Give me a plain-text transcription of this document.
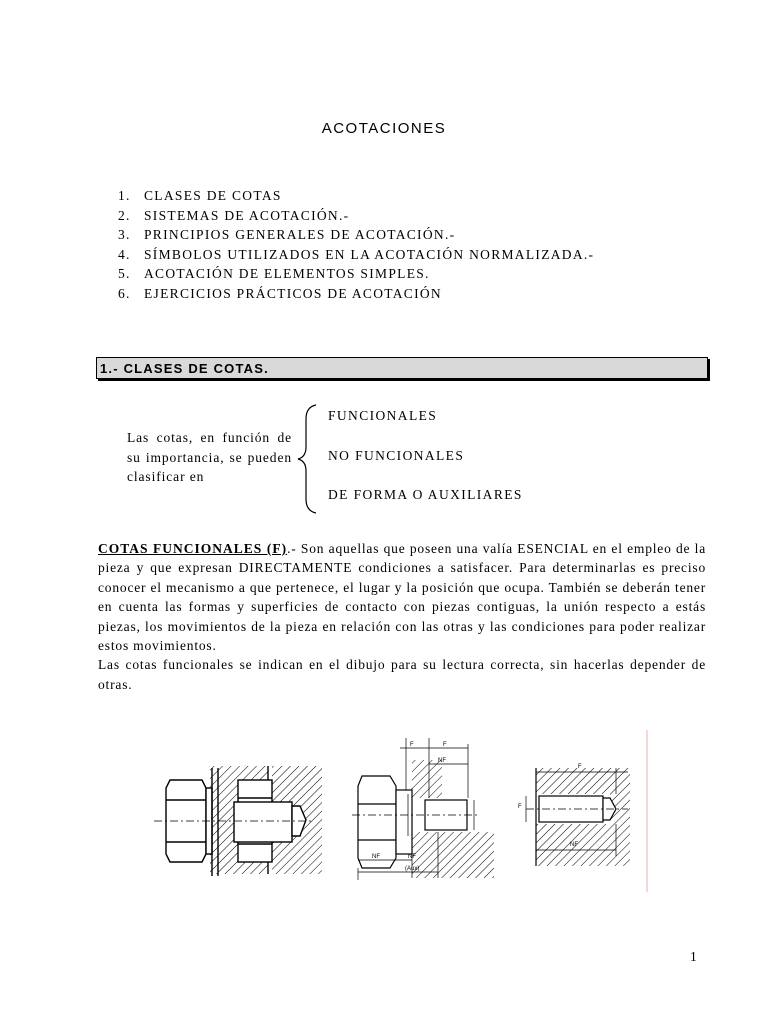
ACOTACIONES
1. CLASES DE COTAS
2. SISTEMAS DE ACOTACIÓN.-
3. PRINCIPIOS GENERALES DE ACOTACIÓN.-
4. SÍMBOLOS UTILIZADOS EN LA ACOTACIÓN NORMALIZADA.-
5. ACOTACIÓN DE ELEMENTOS SIMPLES.
6. EJERCICIOS PRÁCTICOS DE ACOTACIÓN
1.- CLASES DE COTAS.
Las cotas, en función de su importancia, se pueden clasificar en
FUNCIONALES
NO FUNCIONALES
DE FORMA O AUXILIARES

COTAS FUNCIONALES (F).- Son aquellas que poseen una valía ESENCIAL en el empleo de la pieza y que expresan DIRECTAMENTE condiciones a satisfacer. Para determinarlas es preciso conocer el mecanismo a que pertenece, el lugar y la posición que ocupa. También se deberán tener en cuenta las formas y superficies de contacto con piezas contiguas, la unión respecto a estás piezas, los movimientos de la pieza en relación con las otras y las condiciones para poder realizar estos movimientos.

Las cotas funcionales se indican en el dibujo para su lectura correcta, sin hacerlas depender de otras.

F	F
NF
NF	NF
(Aux)
F
F
NF
1
